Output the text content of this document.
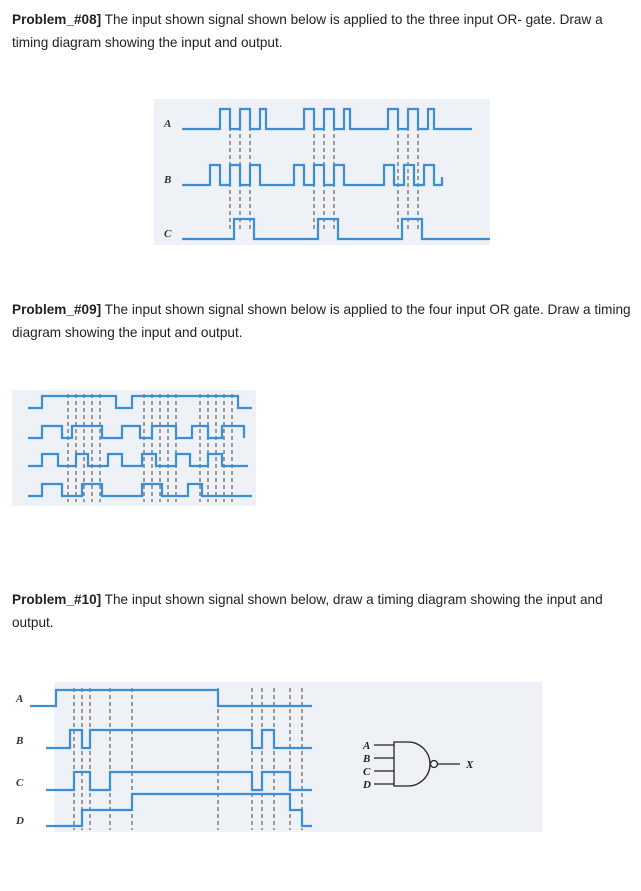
Problem_#08] The input shown signal shown below is applied to the three input OR- gate. Draw a timing diagram showing the input and output.
A
B
C
Problem_#09] The input shown signal shown below is applied to the four input OR gate. Draw a timing diagram showing the input and output.
Problem_#10] The input shown signal shown below, draw a timing diagram showing the input and output.
A
B
C
D
A
B
C
D
X
